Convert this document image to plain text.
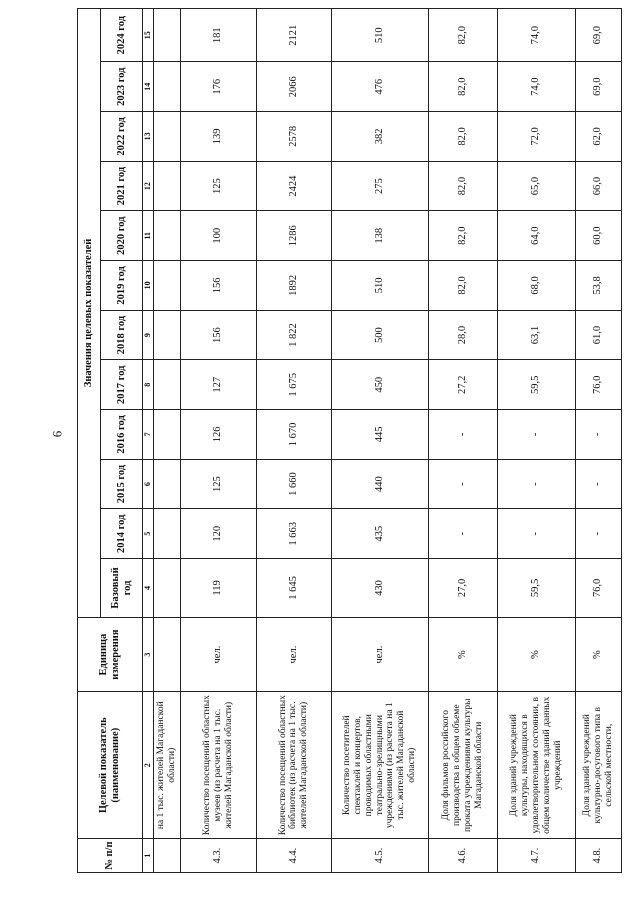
6
№ п/п	Целевой показатель (наименование)	Единица измерения	Значения целевых показателей											
			Базовый год	2014 год	2015 год	2016 год	2017 год	2018 год	2019 год	2020 год	2021 год	2022 год	2023 год	2024 год
1	2	3	4	5	6	7	8	9	10	11	12	13	14	15
	на 1 тыс. жителей Магаданской области)													
4.3.	Количество посещений областных музеев (из расчета на 1 тыс. жителей Магаданской области)	чел.	119	120	125	126	127	156	156	100	125	139	176	181
4.4.	Количество посещений областных библиотек (из расчета на 1 тыс. жителей Магаданской области)	чел.	1 645	1 663	1 660	1 670	1 675	1 822	1892	1286	2424	2578	2066	2121
4.5.	Количество посетителей спектаклей и концертов, проводимых областными театрально-зрелищными учреждениями (из расчета на 1 тыс. жителей Магаданской области)	чел.	430	435	440	445	450	500	510	138	275	382	476	510
4.6.	Доля фильмов российского производства в общем объеме проката учреждениями культуры Магаданской области	%	27,0	-	-	-	27,2	28,0	82,0	82,0	82,0	82,0	82,0	82,0
4.7.	Доля зданий учреждений культуры, находящихся в удовлетворительном состоянии, в общем количестве зданий данных учреждений	%	59,5	-	-	-	59,5	63,1	68,0	64,0	65,0	72,0	74,0	74,0
4.8.	Доля зданий учреждений культурно-досугового типа в сельской местности,	%	76,0	-	-	-	76,0	61,0	53,8	60,0	66,0	62,0	69,0	69,0
